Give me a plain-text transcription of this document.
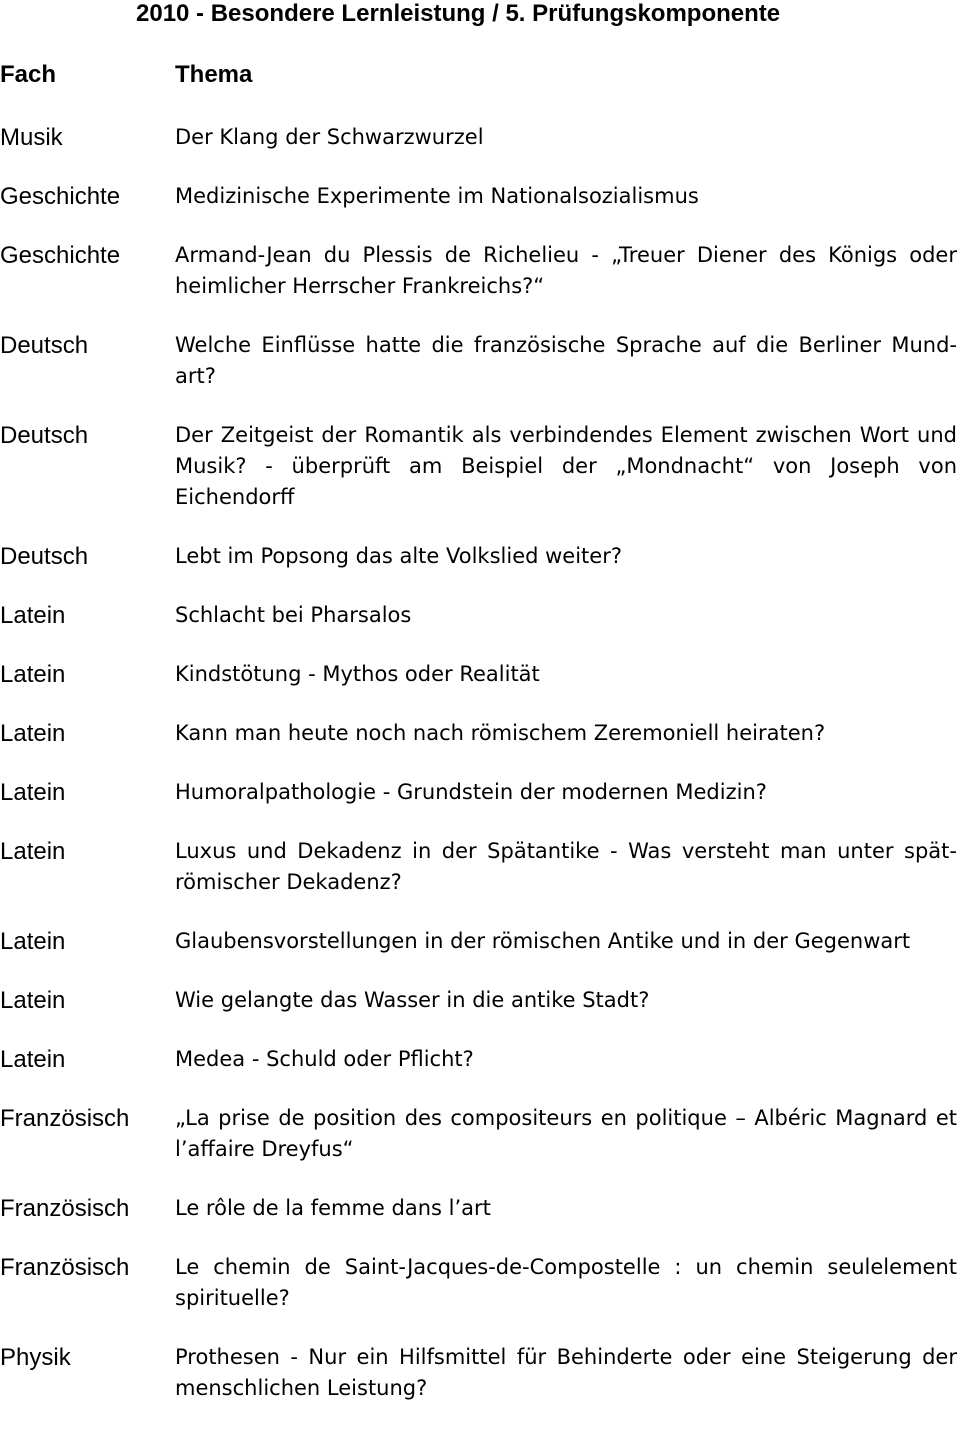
2010 - Besondere Lernleistung / 5. Prüfungskomponente
Fach	Thema
Musik	Der Klang der Schwarzwurzel
Geschichte	Medizinische Experimente im Nationalsozialismus
Geschichte	Armand-Jean du Plessis de Richelieu - „Treuer Diener des Königs oder heimlicher Herrscher Frankreichs?“
Deutsch	Welche Einflüsse hatte die französische Sprache auf die Berliner Mund-art?
Deutsch	Der Zeitgeist der Romantik als verbindendes Element zwischen Wort und Musik? - überprüft am Beispiel der „Mondnacht“ von Joseph von Eichendorff
Deutsch	Lebt im Popsong das alte Volkslied weiter?
Latein	Schlacht bei Pharsalos
Latein	Kindstötung - Mythos oder Realität
Latein	Kann man heute noch nach römischem Zeremoniell heiraten?
Latein	Humoralpathologie - Grundstein der modernen Medizin?
Latein	Luxus und Dekadenz in der Spätantike - Was versteht man unter spät-römischer Dekadenz?
Latein	Glaubensvorstellungen in der römischen Antike und in der Gegenwart
Latein	Wie gelangte das Wasser in die antike Stadt?
Latein	Medea - Schuld oder Pflicht?
Französisch	„La prise de position des compositeurs en politique – Albéric Magnard et l’affaire Dreyfus“
Französisch	Le rôle de la femme dans l’art
Französisch	Le chemin de Saint-Jacques-de-Compostelle : un chemin seulelement spirituelle?
Physik	Prothesen - Nur ein Hilfsmittel für Behinderte oder eine Steigerung der menschlichen Leistung?
